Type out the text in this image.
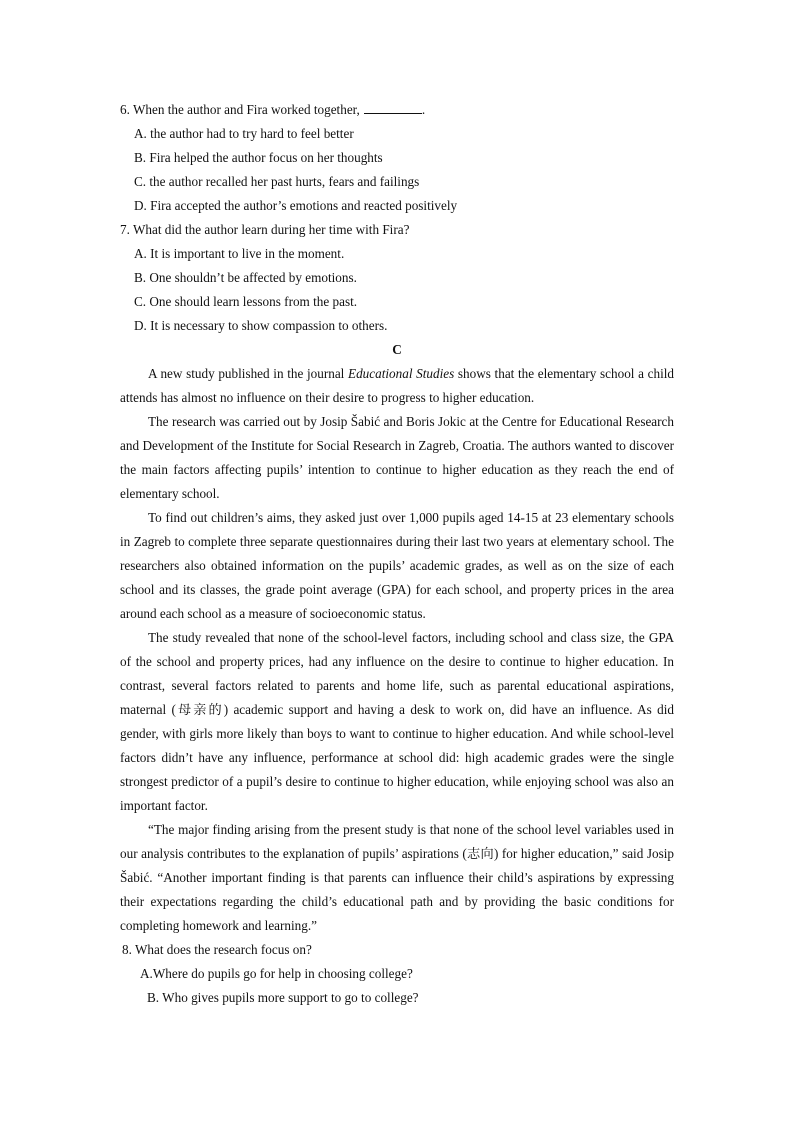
6. When the author and Fira worked together,	.
A. the author had to try hard to feel better
B. Fira helped the author focus on her thoughts
C. the author recalled her past hurts, fears and failings
D. Fira accepted the author’s emotions and reacted positively
7. What did the author learn during her time with Fira?
A. It is important to live in the moment.
B. One shouldn’t be affected by emotions.
C. One should learn lessons from the past.
D. It is necessary to show compassion to others.
C

A new study published in the journal Educational Studies shows that the elementary school a child attends has almost no influence on their desire to progress to higher education.

The research was carried out by Josip Šabić and Boris Jokic at the Centre for Educational Research and Development of the Institute for Social Research in Zagreb, Croatia. The authors wanted to discover the main factors affecting pupils’ intention to continue to higher education as they reach the end of elementary school.

To find out children’s aims, they asked just over 1,000 pupils aged 14-15 at 23 elementary schools in Zagreb to complete three separate questionnaires during their last two years at elementary school. The researchers also obtained information on the pupils’ academic grades, as well as on the size of each school and its classes, the grade point average (GPA) for each school, and property prices in the area around each school as a measure of socioeconomic status.

The study revealed that none of the school-level factors, including school and class size, the GPA of the school and property prices, had any influence on the desire to continue to higher education. In contrast, several factors related to parents and home life, such as parental educational aspirations, maternal (母亲的) academic support and having a desk to work on, did have an influence. As did gender, with girls more likely than boys to want to continue to higher education. And while school-level factors didn’t have any influence, performance at school did: high academic grades were the single strongest predictor of a pupil’s desire to continue to higher education, while enjoying school was also an important factor.

“The major finding arising from the present study is that none of the school level variables used in our analysis contributes to the explanation of pupils’ aspirations (志向) for higher education,” said Josip Šabić. “Another important finding is that parents can influence their child’s aspirations by expressing their expectations regarding the child’s educational path and by providing the basic conditions for completing homework and learning.”

8. What does the research focus on?
A.Where do pupils go for help in choosing college?
B. Who gives pupils more support to go to college?
